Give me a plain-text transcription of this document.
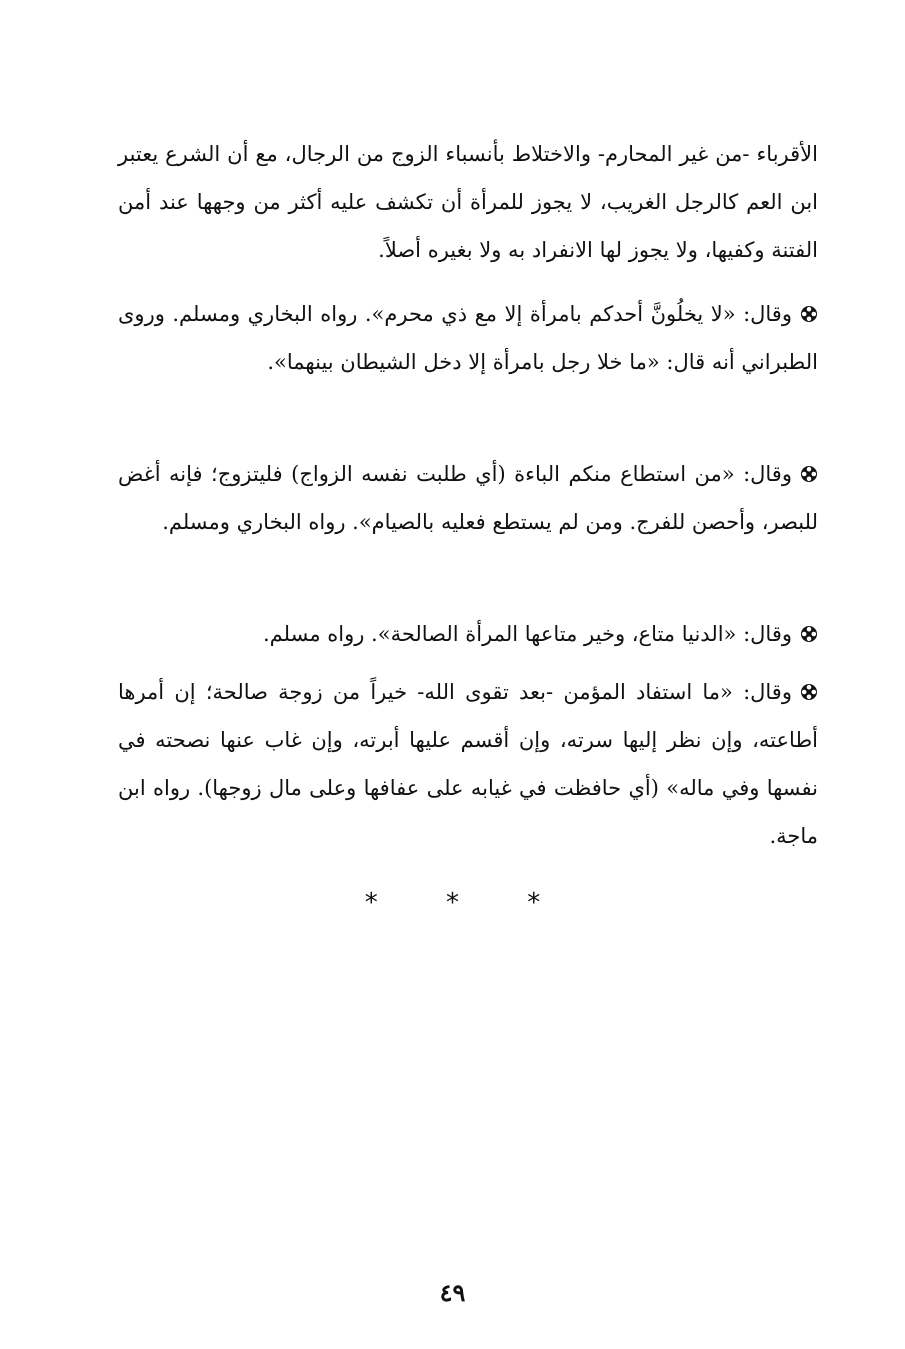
الأقرباء -من غير المحارم- والاختلاط بأنسباء الزوج من الرجال، مع أن الشرع يعتبر ابن العم كالرجل الغريب، لا يجوز للمرأة أن تكشف عليه أكثر من وجهها عند أمن الفتنة وكفيها، ولا يجوز لها الانفراد به ولا بغيره أصلاً.

وقال: «لا يخلُونَّ أحدكم بامرأة إلا مع ذي محرم». رواه البخاري ومسلم. وروى الطبراني أنه قال: «ما خلا رجل بامرأة إلا دخل الشيطان بينهما».

وقال: «من استطاع منكم الباءة (أي طلبت نفسه الزواج) فليتزوج؛ فإنه أغض للبصر، وأحصن للفرج. ومن لم يستطع فعليه بالصيام». رواه البخاري ومسلم.

وقال: «الدنيا متاع، وخير متاعها المرأة الصالحة». رواه مسلم.

وقال: «ما استفاد المؤمن -بعد تقوى الله- خيراً من زوجة صالحة؛ إن أمرها أطاعته، وإن نظر إليها سرته، وإن أقسم عليها أبرته، وإن غاب عنها نصحته في نفسها وفي ماله» (أي حافظت في غيابه على عفافها وعلى مال زوجها). رواه ابن ماجة.

* * *
٤٩
